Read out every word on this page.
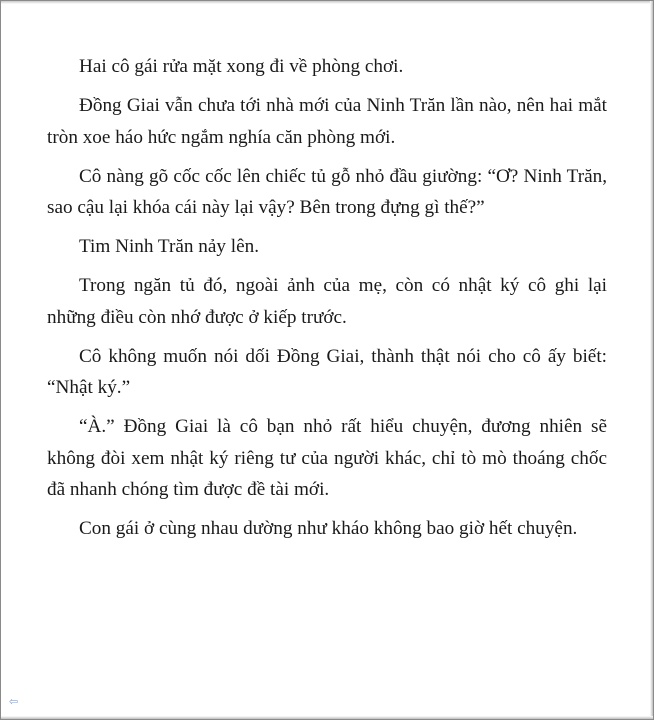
Hai cô gái rửa mặt xong đi về phòng chơi.

Đồng Giai vẫn chưa tới nhà mới của Ninh Trăn lần nào, nên hai mắt tròn xoe háo hức ngắm nghía căn phòng mới.

Cô nàng gõ cốc cốc lên chiếc tủ gỗ nhỏ đầu giường: “Ơ? Ninh Trăn, sao cậu lại khóa cái này lại vậy? Bên trong đựng gì thế?”

Tim Ninh Trăn nảy lên.

Trong ngăn tủ đó, ngoài ảnh của mẹ, còn có nhật ký cô ghi lại những điều còn nhớ được ở kiếp trước.

Cô không muốn nói dối Đồng Giai, thành thật nói cho cô ấy biết: “Nhật ký.”

“À.” Đồng Giai là cô bạn nhỏ rất hiểu chuyện, đương nhiên sẽ không đòi xem nhật ký riêng tư của người khác, chỉ tò mò thoáng chốc đã nhanh chóng tìm được đề tài mới.

Con gái ở cùng nhau dường như kháo không bao giờ hết chuyện.

⇦
